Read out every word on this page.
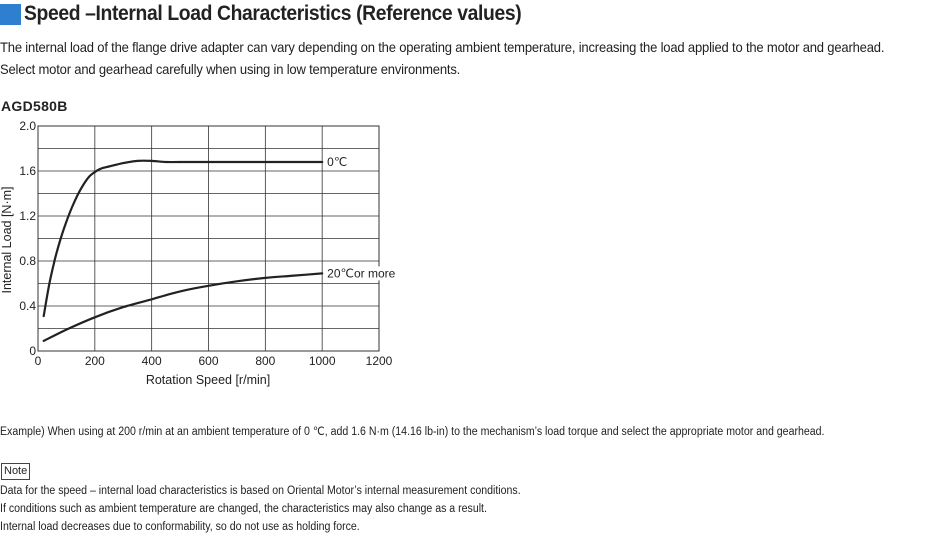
Speed –Internal Load Characteristics (Reference values)

The internal load of the flange drive adapter can vary depending on the operating ambient temperature, increasing the load applied to the motor and gearhead.

Select motor and gearhead carefully when using in low temperature environments.

AGD580B
0	200	400	600	800	1000	1200
0
0.4
0.8
1.2
1.6
2.0
0℃
20℃or more
Rotation Speed [r/min]
Internal Load [N·m]
Example) When using at 200 r/min at an ambient temperature of 0 ℃, add 1.6 N·m (14.16 lb-in) to the mechanism’s load torque and select the appropriate motor and gearhead.
Note

Data for the speed – internal load characteristics is based on Oriental Motor’s internal measurement conditions.

If conditions such as ambient temperature are changed, the characteristics may also change as a result.

Internal load decreases due to conformability, so do not use as holding force.
